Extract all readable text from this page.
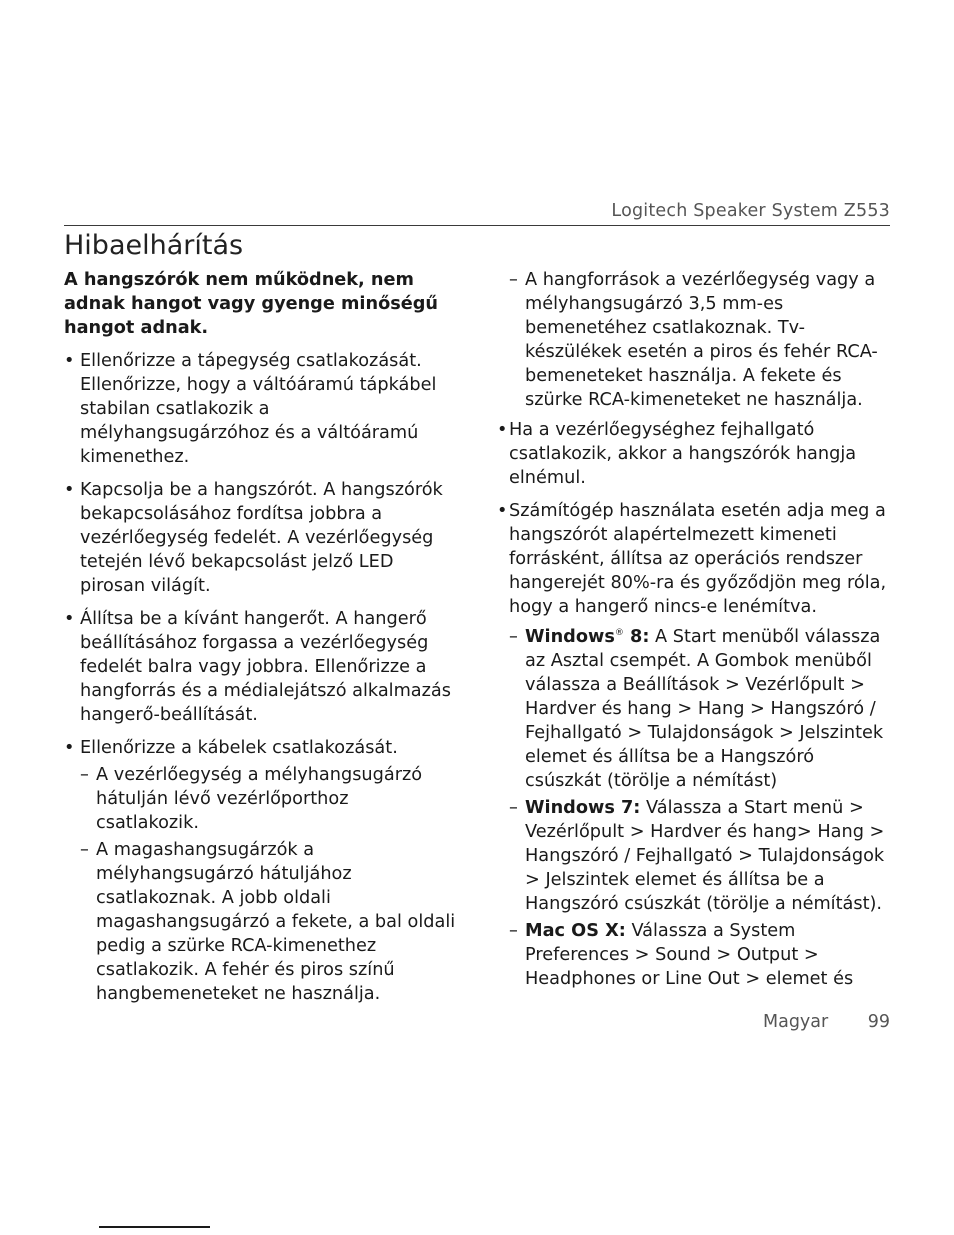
Logitech Speaker System Z553
Hibaelhárítás
A hangszórók nem működnek, nem adnak hangot vagy gyenge minőségű hangot adnak.
• Ellenőrizze a tápegység csatlakozását. Ellenőrizze, hogy a váltóáramú tápkábel stabilan csatlakozik a mélyhangsugárzóhoz és a váltóáramú kimenethez.
• Kapcsolja be a hangszórót. A hangszórók bekapcsolásához fordítsa jobbra a vezérlőegység fedelét. A vezérlőegység tetején lévő bekapcsolást jelző LED pirosan világít.
• Állítsa be a kívánt hangerőt. A hangerő beállításához forgassa a vezérlőegység fedelét balra vagy jobbra. Ellenőrizze a hangforrás és a médialejátszó alkalmazás hangerő-beállítását.
• Ellenőrizze a kábelek csatlakozását.
– A vezérlőegység a mélyhangsugárzó hátulján lévő vezérlőporthoz csatlakozik.
– A magashangsugárzók a mélyhangsugárzó hátuljához csatlakoznak. A jobb oldali magashangsugárzó a fekete, a bal oldali pedig a szürke RCA-kimenethez csatlakozik. A fehér és piros színű hangbemeneteket ne használja.
– A hangforrások a vezérlőegység vagy a mélyhangsugárzó 3,5 mm-es bemenetéhez csatlakoznak. Tv-készülékek esetén a piros és fehér RCA-bemeneteket használja. A fekete és szürke RCA-kimeneteket ne használja.
• Ha a vezérlőegységhez fejhallgató csatlakozik, akkor a hangszórók hangja elnémul.
• Számítógép használata esetén adja meg a hangszórót alapértelmezett kimeneti forrásként, állítsa az operációs rendszer hangerejét 80%-ra és győződjön meg róla, hogy a hangerő nincs-e lenémítva.
– Windows® 8: A Start menüből válassza az Asztal csempét. A Gombok menüből válassza a Beállítások > Vezérlőpult > Hardver és hang > Hang > Hangszóró / Fejhallgató > Tulajdonságok > Jelszintek elemet és állítsa be a Hangszóró csúszkát (törölje a némítást)
– Windows 7: Válassza a Start menü > Vezérlőpult > Hardver és hang> Hang > Hangszóró / Fejhallgató > Tulajdonságok > Jelszintek elemet és állítsa be a Hangszóró csúszkát (törölje a némítást).
– Mac OS X: Válassza a System Preferences > Sound > Output > Headphones or Line Out > elemet és
Magyar 99
